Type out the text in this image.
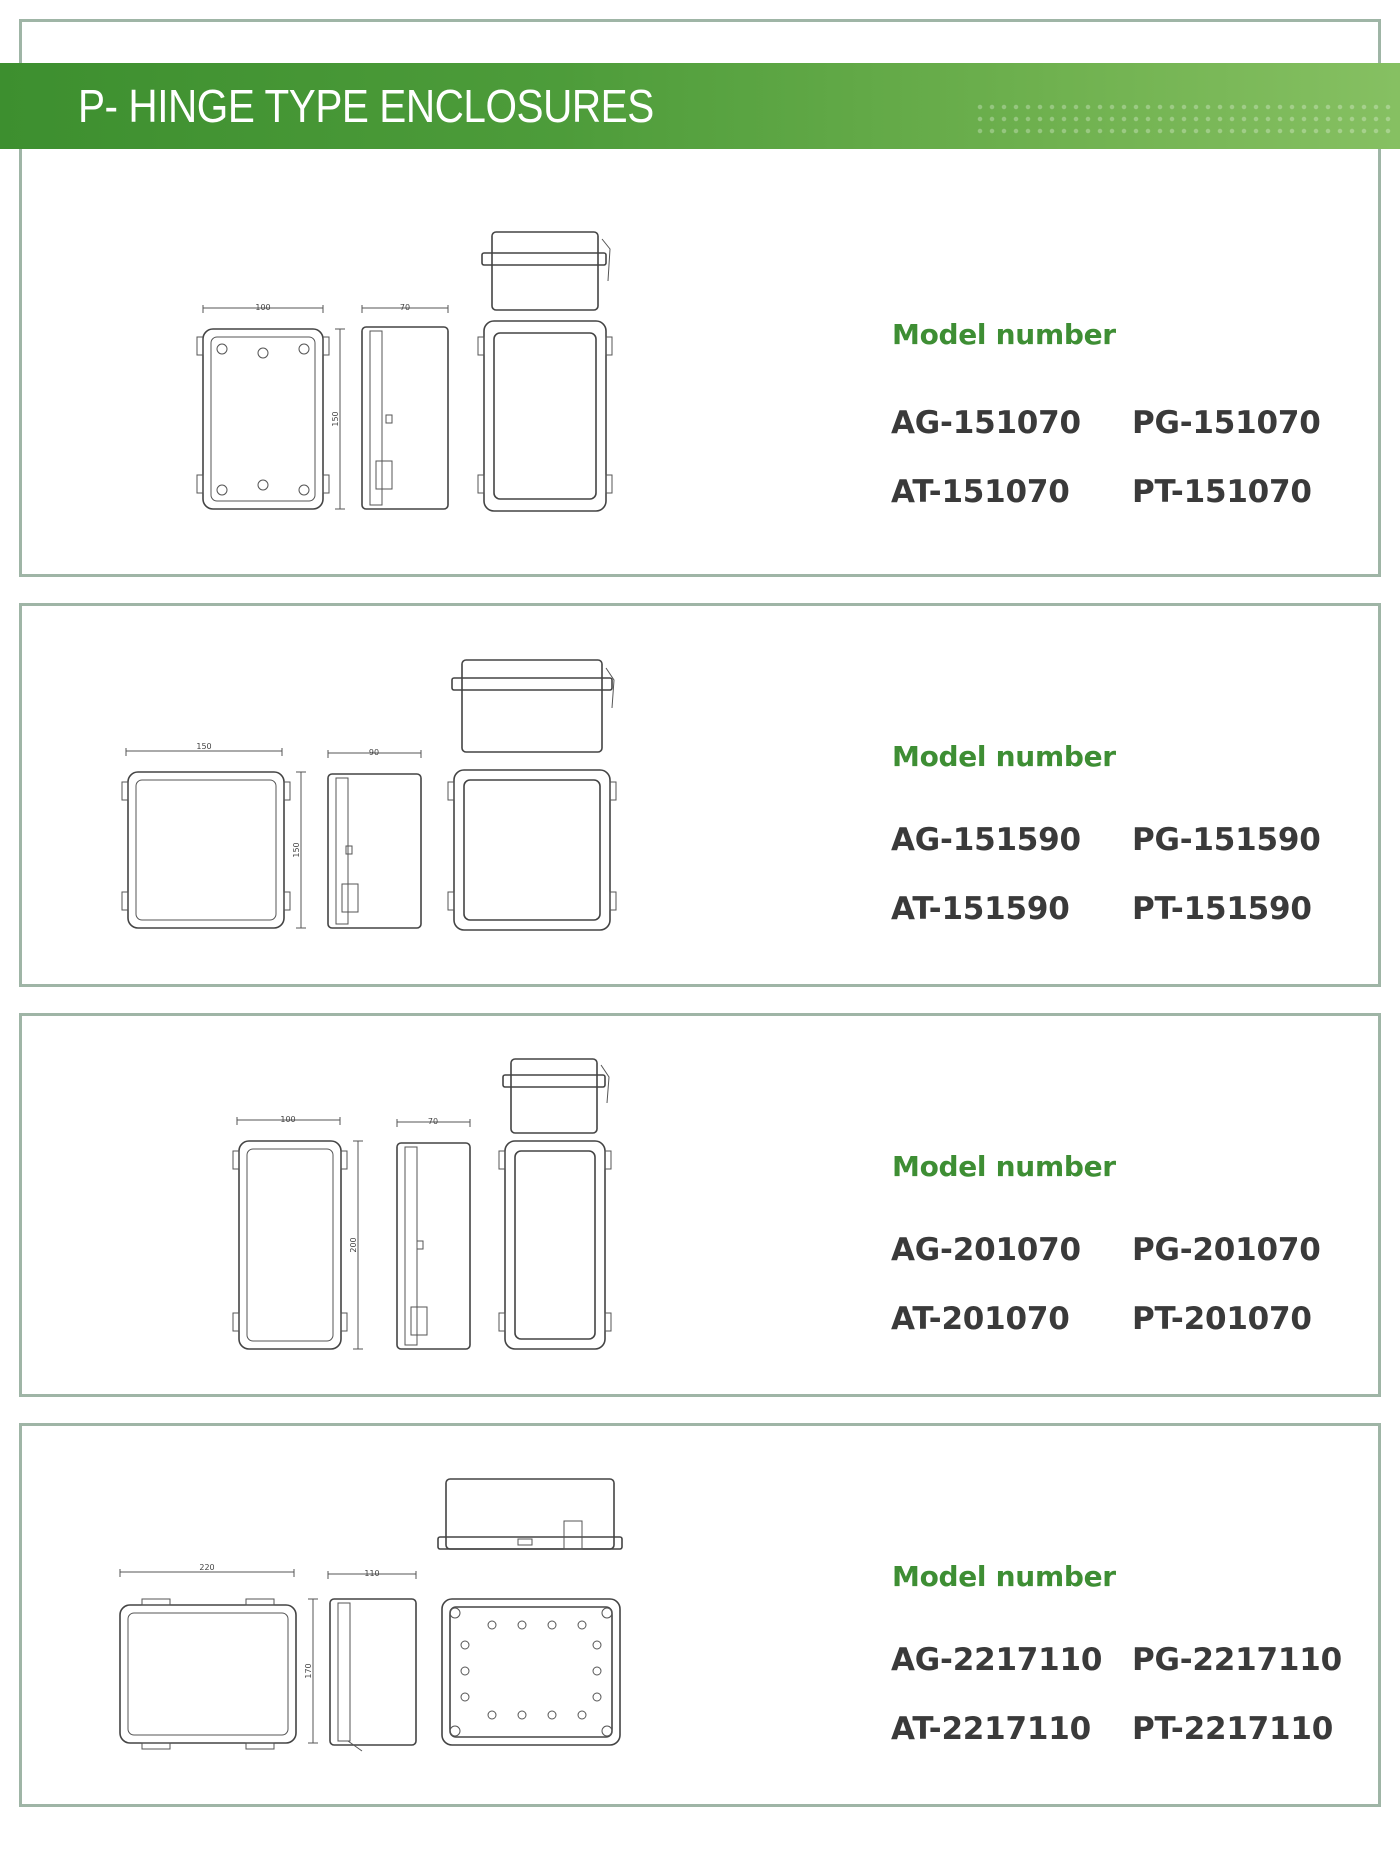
P- HINGE TYPE ENCLOSURES
100
150
70
Model number
AG-151070 PG-151070
AT-151070 PT-151070
150
150
90	Model number
AG-151590 PG-151590
AT-151590 PT-151590
100
200
70
Model number
AG-201070 PG-201070
AT-201070 PT-201070
220
170
110	Model number
AG-2217110 PG-2217110
AT-2217110 PT-2217110
